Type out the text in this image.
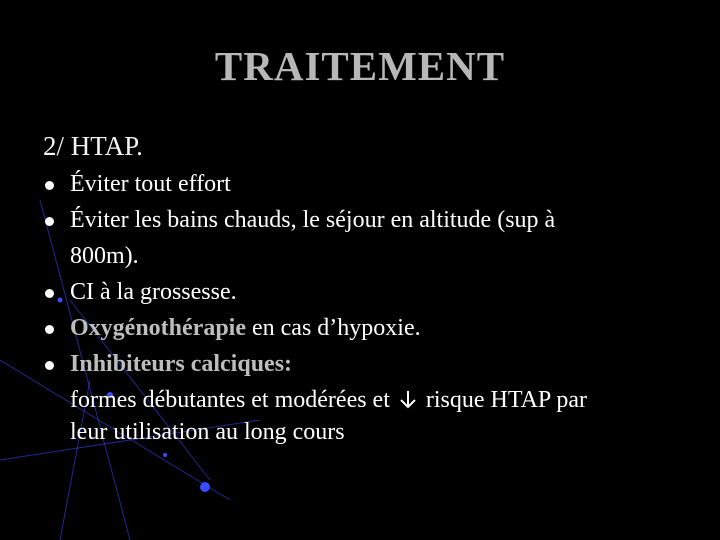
TRAITEMENT
2/ HTAP.
Éviter tout effort
Éviter les bains chauds, le séjour en altitude (sup à
800m).
CI à la grossesse.
Oxygénothérapie en cas d’hypoxie.
Inhibiteurs calciques:
formes débutantes et modérées et risque HTAP par
leur utilisation au long cours
